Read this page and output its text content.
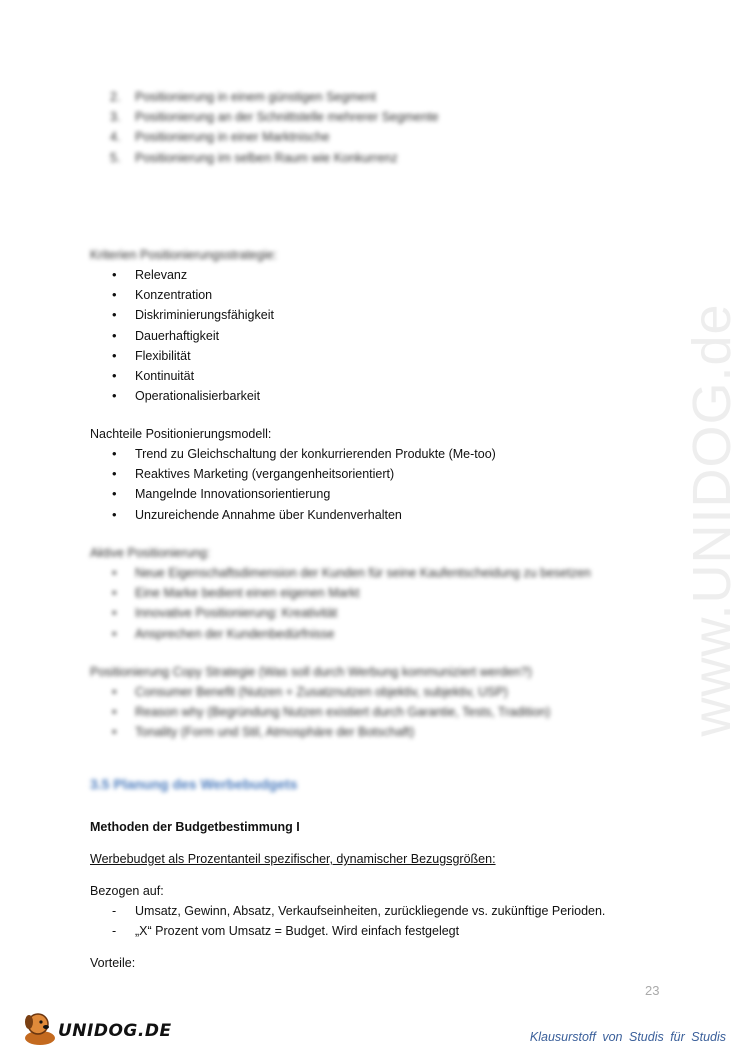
www.UNIDOG.de
2. Positionierung in einem günstigen Segment
3. Positionierung an der Schnittstelle mehrerer Segmente
4. Positionierung in einer Marktnische
5. Positionierung im selben Raum wie Konkurrenz
Kriterien Positionierungsstrategie:
• Relevanz
• Konzentration
• Diskriminierungsfähigkeit
• Dauerhaftigkeit
• Flexibilität
• Kontinuität
• Operationalisierbarkeit
Nachteile Positionierungsmodell:
• Trend zu Gleichschaltung der konkurrierenden Produkte (Me-too)
• Reaktives Marketing (vergangenheitsorientiert)
• Mangelnde Innovationsorientierung
• Unzureichende Annahme über Kundenverhalten
Aktive Positionierung:
• Neue Eigenschaftsdimension der Kunden für seine Kaufentscheidung zu besetzen
• Eine Marke bedient einen eigenen Markt
• Innovative Positionierung: Kreativität
• Ansprechen der Kundenbedürfnisse
Positionierung Copy Strategie (Was soll durch Werbung kommuniziert werden?)
• Consumer Benefit (Nutzen + Zusatznutzen objektiv, subjektiv, USP)
• Reason why (Begründung Nutzen existiert durch Garantie, Tests, Tradition)
• Tonality (Form und Stil, Atmosphäre der Botschaft)
3.5 Planung des Werbebudgets
Methoden der Budgetbestimmung I
Werbebudget als Prozentanteil spezifischer, dynamischer Bezugsgrößen:
Bezogen auf:
- Umsatz, Gewinn, Absatz, Verkaufseinheiten, zurückliegende vs. zukünftige Perioden.
- „X“ Prozent vom Umsatz = Budget. Wird einfach festgelegt
Vorteile:
23
UNIDOG.DE	Klausurstoff von Studis für Studis
